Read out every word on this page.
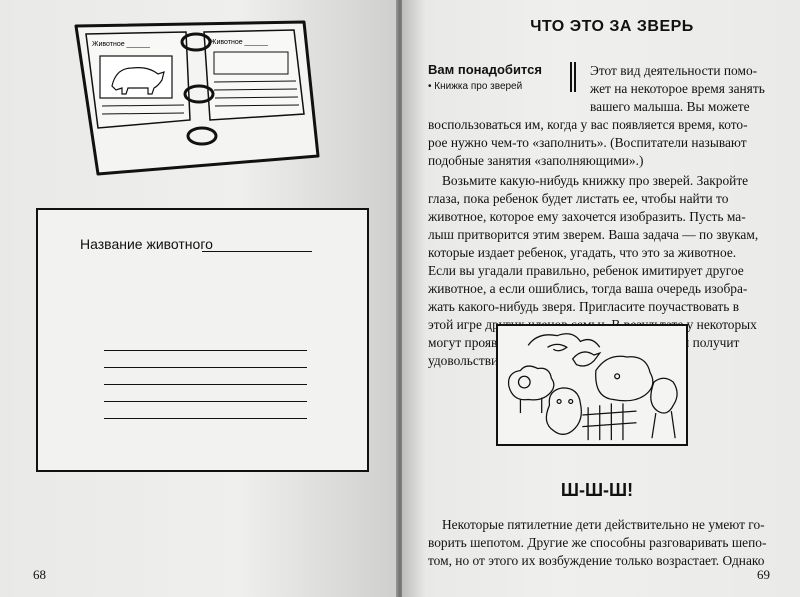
Животное ______	Животное ______
Название животного
68
ЧТО ЭТО ЗА ЗВЕРЬ
Вам понадобится
• Книжка про зверей
Этот вид деятельности помо-
жет на некоторое время занять
вашего малыша. Вы можете
воспользоваться им, когда у вас появляется время, кото-
рое нужно чем-то «заполнить». (Воспитатели называют
подобные занятия «заполняющими».)
Возьмите какую-нибудь книжку про зверей. Закройте
глаза, пока ребенок будет листать ее, чтобы найти то
животное, которое ему захочется изобразить. Пусть ма-
лыш притворится этим зверем. Ваша задача — по звукам,
которые издает ребенок, угадать, что это за животное.
Если вы угадали правильно, ребенок имитирует другое
животное, а если ошиблись, тогда ваша очередь изобра-
жать какого-нибудь зверя. Пригласите поучаствовать в
этой игре других членов семьи. В результате у некоторых
могут проявиться скрытые таланты и каждый получит
удовольствие.
Ш-Ш-Ш!
Некоторые пятилетние дети действительно не умеют го-
ворить шепотом. Другие же способны разговаривать шепо-
том, но от этого их возбуждение только возрастает. Однако
69
